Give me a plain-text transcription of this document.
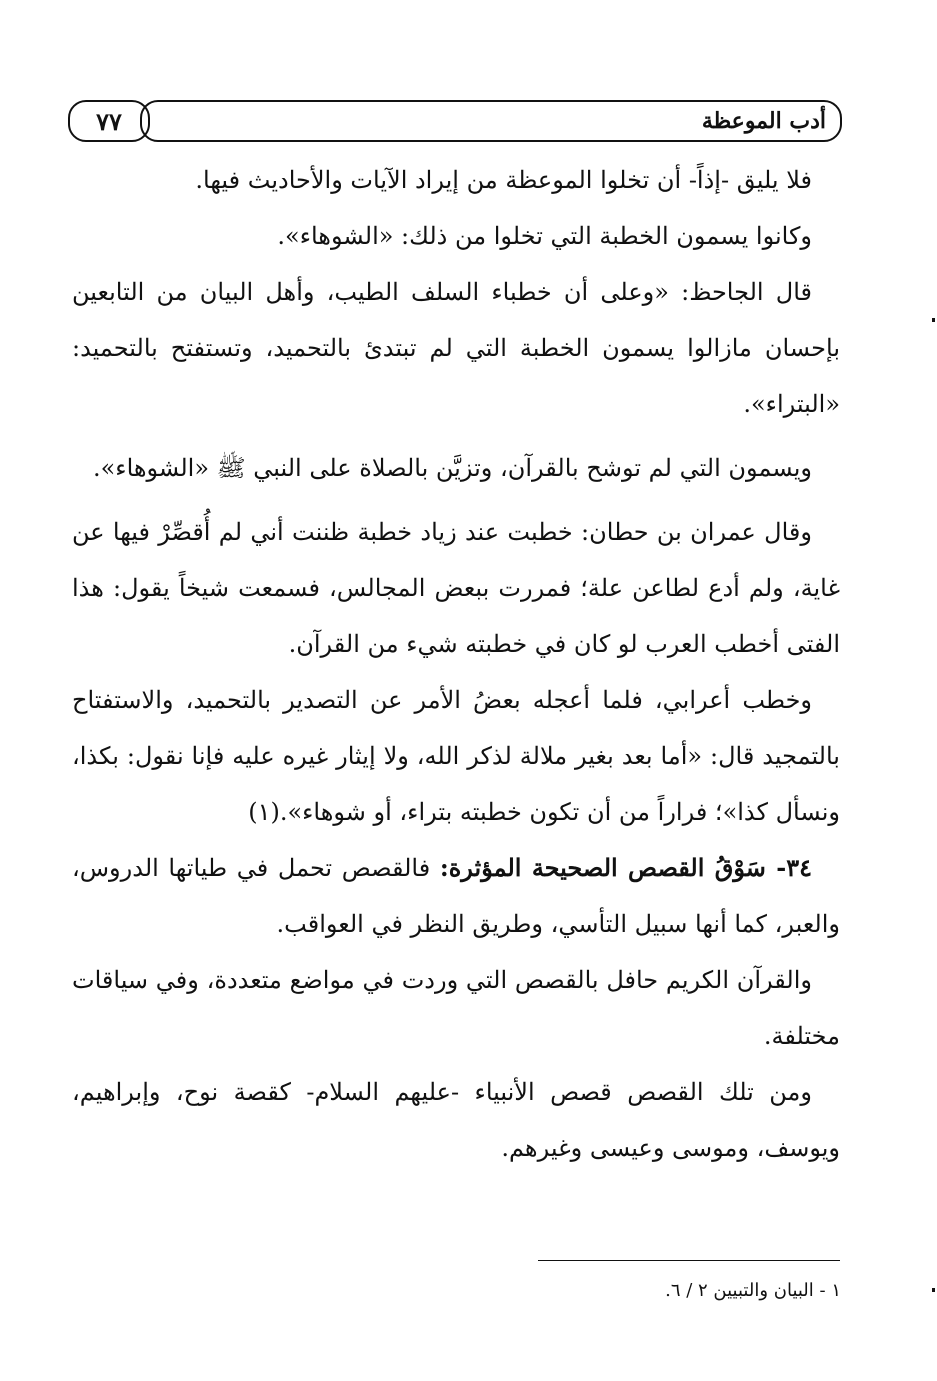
٧٧	أدب الموعظة

فلا يليق -إذاً- أن تخلوا الموعظة من إيراد الآيات والأحاديث فيها.

وكانوا يسمون الخطبة التي تخلوا من ذلك: «الشوهاء».

قال الجاحظ: «وعلى أن خطباء السلف الطيب، وأهل البيان من التابعين بإحسان مازالوا يسمون الخطبة التي لم تبتدئ بالتحميد، وتستفتح بالتحميد: «البتراء».

ويسمون التي لم توشح بالقرآن، وتزيَّن بالصلاة على النبي ﷺ «الشوهاء».

وقال عمران بن حطان: خطبت عند زياد خطبة ظننت أني لم أُقصِّرْ فيها عن غاية، ولم أدع لطاعن علة؛ فمررت ببعض المجالس، فسمعت شيخاً يقول: هذا الفتى أخطب العرب لو كان في خطبته شيء من القرآن.

وخطب أعرابي، فلما أعجله بعضُ الأمر عن التصدير بالتحميد، والاستفتاح بالتمجيد قال: «أما بعد بغير ملالة لذكر الله، ولا إيثار غيره عليه فإنا نقول: بكذا، ونسأل كذا»؛ فراراً من أن تكون خطبته بتراء، أو شوهاء».(١)

٣٤- سَوْقُ القصص الصحيحة المؤثرة: فالقصص تحمل في طياتها الدروس، والعبر، كما أنها سبيل التأسي، وطريق النظر في العواقب.

والقرآن الكريم حافل بالقصص التي وردت في مواضع متعددة، وفي سياقات مختلفة.

ومن تلك القصص قصص الأنبياء -عليهم السلام- كقصة نوح، وإبراهيم، ويوسف، وموسى وعيسى وغيرهم.

١ - البيان والتبيين ٢ / ٦.
